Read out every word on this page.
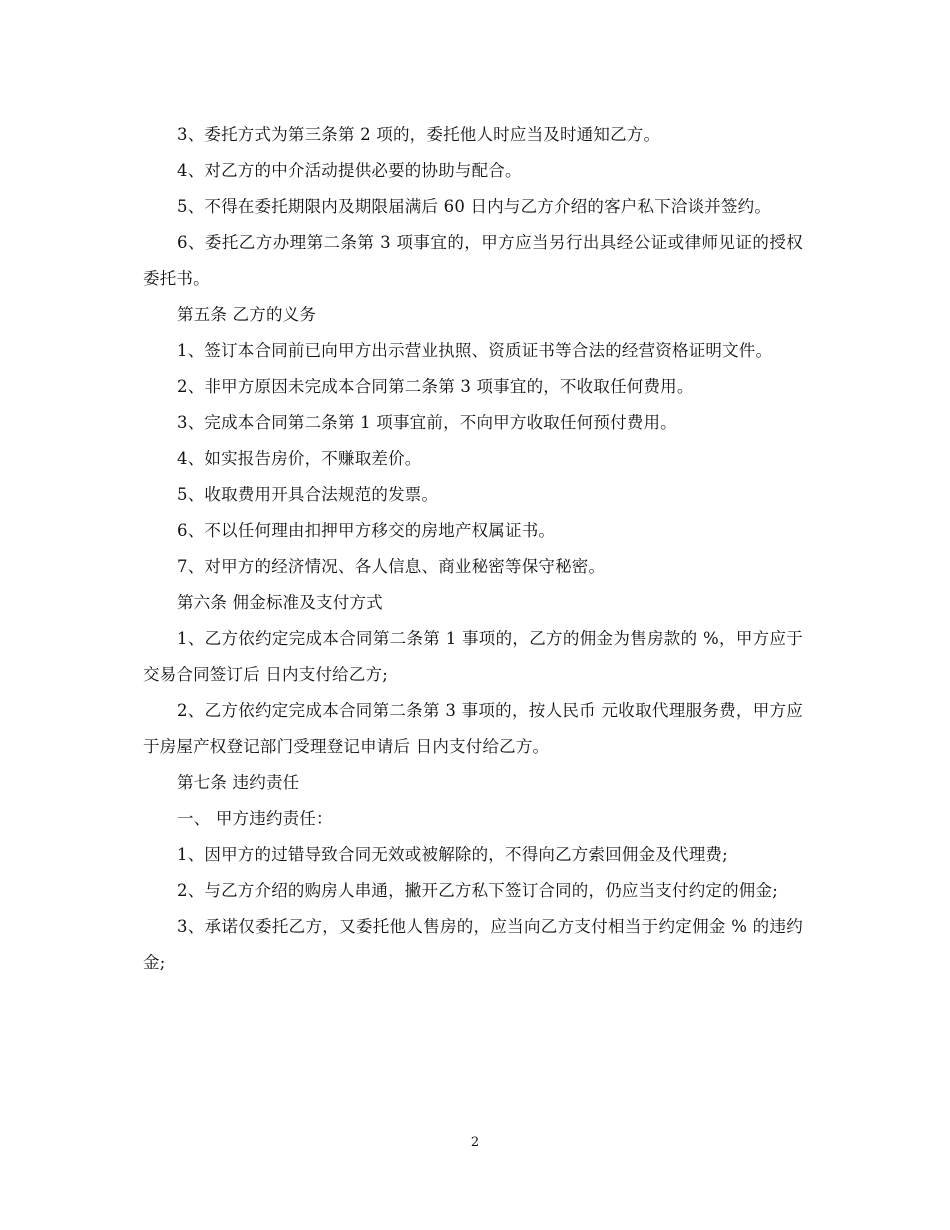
3、委托方式为第三条第 2 项的，委托他人时应当及时通知乙方。

4、对乙方的中介活动提供必要的协助与配合。

5、不得在委托期限内及期限届满后 60 日内与乙方介绍的客户私下洽谈并签约。

6、委托乙方办理第二条第 3 项事宜的，甲方应当另行出具经公证或律师见证的授权委托书。

第五条 乙方的义务

1、签订本合同前已向甲方出示营业执照、资质证书等合法的经营资格证明文件。

2、非甲方原因未完成本合同第二条第 3 项事宜的，不收取任何费用。

3、完成本合同第二条第 1 项事宜前，不向甲方收取任何预付费用。

4、如实报告房价，不赚取差价。

5、收取费用开具合法规范的发票。

6、不以任何理由扣押甲方移交的房地产权属证书。

7、对甲方的经济情况、各人信息、商业秘密等保守秘密。

第六条 佣金标准及支付方式

1、乙方依约定完成本合同第二条第 1 事项的，乙方的佣金为售房款的 %，甲方应于交易合同签订后 日内支付给乙方;

2、乙方依约定完成本合同第二条第 3 事项的，按人民币 元收取代理服务费，甲方应于房屋产权登记部门受理登记申请后 日内支付给乙方。

第七条 违约责任

一、 甲方违约责任：

1、因甲方的过错导致合同无效或被解除的，不得向乙方索回佣金及代理费;

2、与乙方介绍的购房人串通，撇开乙方私下签订合同的，仍应当支付约定的佣金;

3、承诺仅委托乙方，又委托他人售房的，应当向乙方支付相当于约定佣金 % 的违约金;

2
